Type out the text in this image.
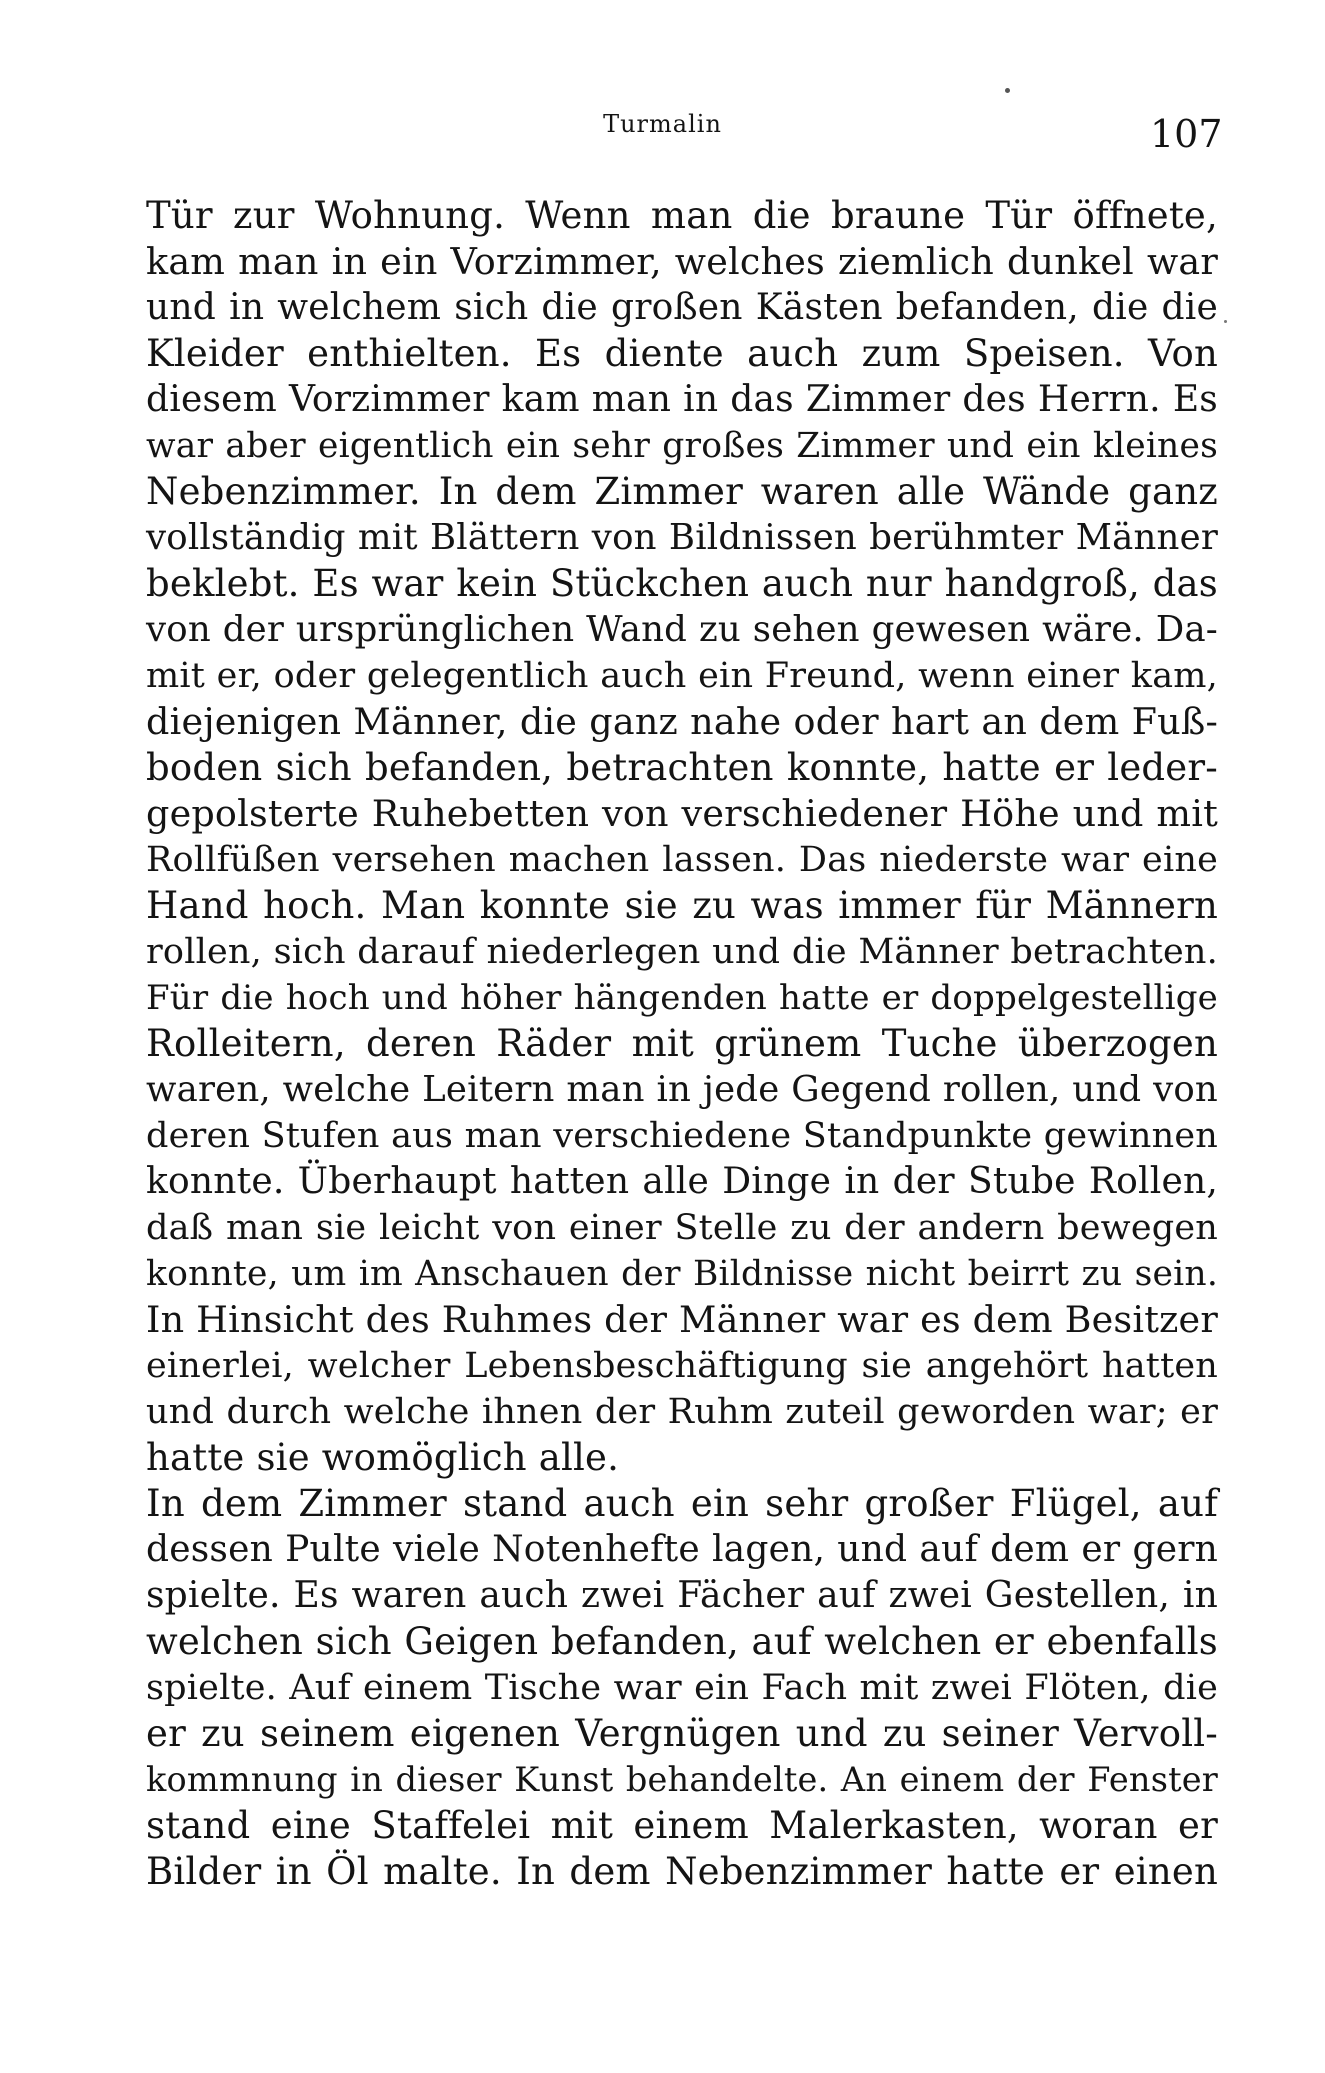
Turmalin	107
Tür zur Wohnung. Wenn man die braune Tür öffnete,
kam man in ein Vorzimmer, welches ziemlich dunkel war
und in welchem sich die großen Kästen befanden, die die
Kleider enthielten. Es diente auch zum Speisen. Von
diesem Vorzimmer kam man in das Zimmer des Herrn. Es
war aber eigentlich ein sehr großes Zimmer und ein kleines
Nebenzimmer. In dem Zimmer waren alle Wände ganz
vollständig mit Blättern von Bildnissen berühmter Männer
beklebt. Es war kein Stückchen auch nur handgroß, das
von der ursprünglichen Wand zu sehen gewesen wäre. Da-
mit er, oder gelegentlich auch ein Freund, wenn einer kam,
diejenigen Männer, die ganz nahe oder hart an dem Fuß-
boden sich befanden, betrachten konnte, hatte er leder-
gepolsterte Ruhebetten von verschiedener Höhe und mit
Rollfüßen versehen machen lassen. Das niederste war eine
Hand hoch. Man konnte sie zu was immer für Männern
rollen, sich darauf niederlegen und die Männer betrachten.
Für die hoch und höher hängenden hatte er doppelgestellige
Rolleitern, deren Räder mit grünem Tuche überzogen
waren, welche Leitern man in jede Gegend rollen, und von
deren Stufen aus man verschiedene Standpunkte gewinnen
konnte. Überhaupt hatten alle Dinge in der Stube Rollen,
daß man sie leicht von einer Stelle zu der andern bewegen
konnte, um im Anschauen der Bildnisse nicht beirrt zu sein.
In Hinsicht des Ruhmes der Männer war es dem Besitzer
einerlei, welcher Lebensbeschäftigung sie angehört hatten
und durch welche ihnen der Ruhm zuteil geworden war; er
hatte sie womöglich alle.
In dem Zimmer stand auch ein sehr großer Flügel, auf
dessen Pulte viele Notenhefte lagen, und auf dem er gern
spielte. Es waren auch zwei Fächer auf zwei Gestellen, in
welchen sich Geigen befanden, auf welchen er ebenfalls
spielte. Auf einem Tische war ein Fach mit zwei Flöten, die
er zu seinem eigenen Vergnügen und zu seiner Vervoll-
kommnung in dieser Kunst behandelte. An einem der Fenster
stand eine Staffelei mit einem Malerkasten, woran er
Bilder in Öl malte. In dem Nebenzimmer hatte er einen
